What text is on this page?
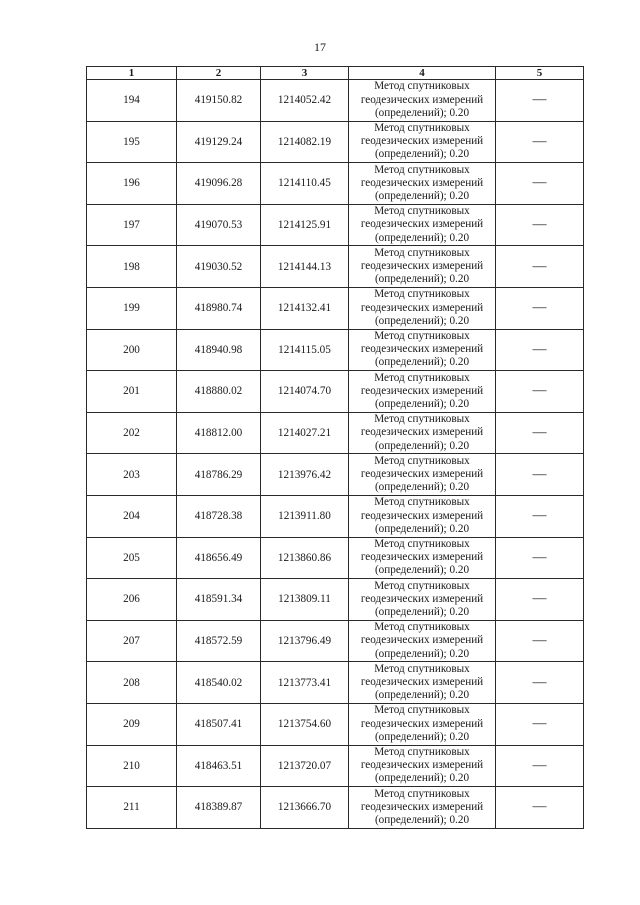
17
1	2	3	4	5
194	419150.82	1214052.42	Метод спутниковых
геодезических измерений
(определений); 0.20	—
195	419129.24	1214082.19	Метод спутниковых
геодезических измерений
(определений); 0.20	—
196	419096.28	1214110.45	Метод спутниковых
геодезических измерений
(определений); 0.20	—
197	419070.53	1214125.91	Метод спутниковых
геодезических измерений
(определений); 0.20	—
198	419030.52	1214144.13	Метод спутниковых
геодезических измерений
(определений); 0.20	—
199	418980.74	1214132.41	Метод спутниковых
геодезических измерений
(определений); 0.20	—
200	418940.98	1214115.05	Метод спутниковых
геодезических измерений
(определений); 0.20	—
201	418880.02	1214074.70	Метод спутниковых
геодезических измерений
(определений); 0.20	—
202	418812.00	1214027.21	Метод спутниковых
геодезических измерений
(определений); 0.20	—
203	418786.29	1213976.42	Метод спутниковых
геодезических измерений
(определений); 0.20	—
204	418728.38	1213911.80	Метод спутниковых
геодезических измерений
(определений); 0.20	—
205	418656.49	1213860.86	Метод спутниковых
геодезических измерений
(определений); 0.20	—
206	418591.34	1213809.11	Метод спутниковых
геодезических измерений
(определений); 0.20	—
207	418572.59	1213796.49	Метод спутниковых
геодезических измерений
(определений); 0.20	—
208	418540.02	1213773.41	Метод спутниковых
геодезических измерений
(определений); 0.20	—
209	418507.41	1213754.60	Метод спутниковых
геодезических измерений
(определений); 0.20	—
210	418463.51	1213720.07	Метод спутниковых
геодезических измерений
(определений); 0.20	—
211	418389.87	1213666.70	Метод спутниковых
геодезических измерений
(определений); 0.20	—
